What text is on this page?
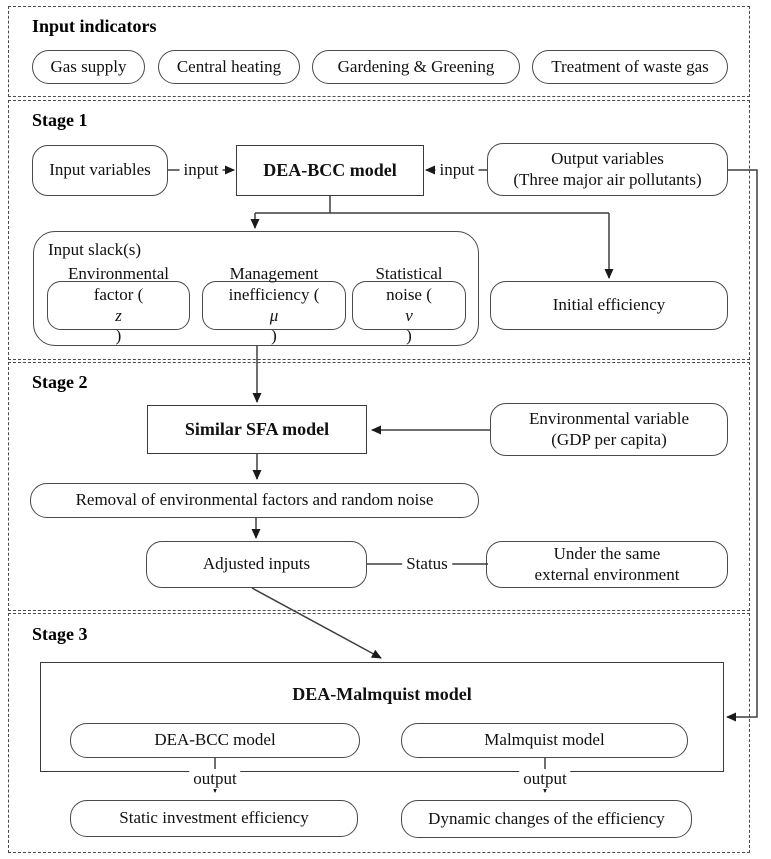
Input indicators
Stage 1
Stage 2
Stage 3
Gas supply	Central heating	Gardening & Greening	Treatment of waste gas
Input variables	DEA-BCC model
Output variables
(Three major air pollutants)
Input slack(s)
Environmental
factor (
z
)
Management
inefficiency (
μ
)
Statistical
noise (
v
)
Initial efficiency
Similar SFA model
Environmental variable
(GDP per capita)
Removal of environmental factors and random noise
Adjusted inputs
Under the same
external environment
DEA-Malmquist model
DEA-BCC model	Malmquist model
Static investment efficiency	Dynamic changes of the efficiency
input	input
Status
output	output
